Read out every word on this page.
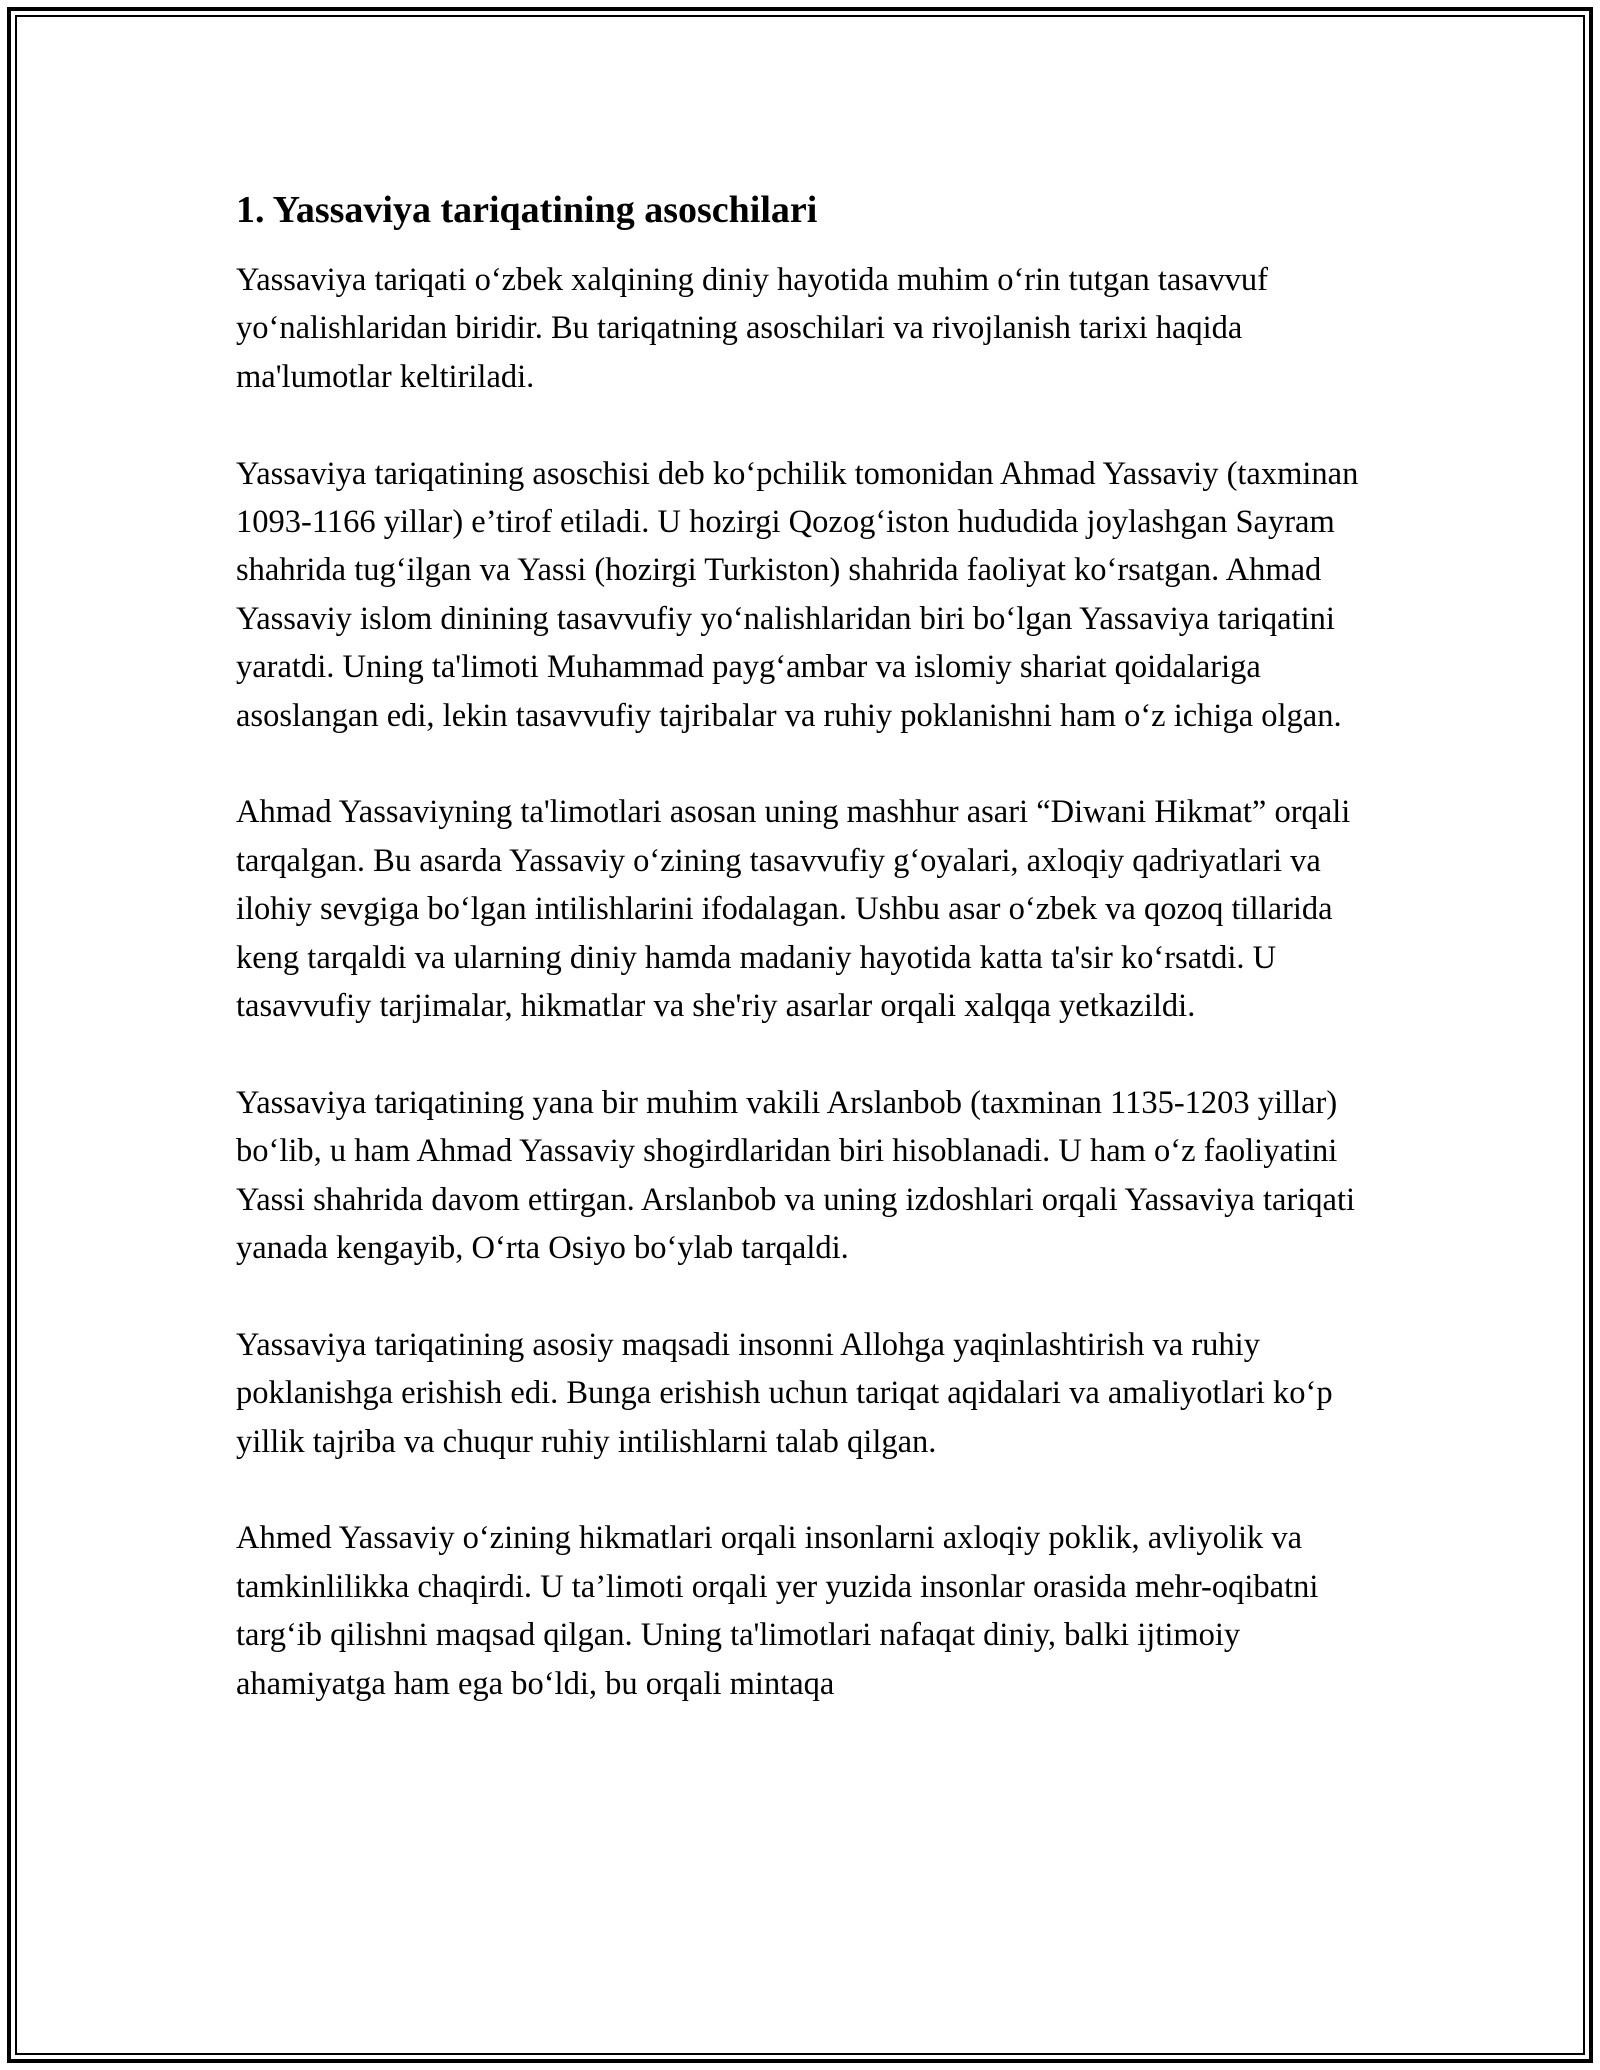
1. Yassaviya tariqatining asoschilari

Yassaviya tariqati o‘zbek xalqining diniy hayotida muhim o‘rin tutgan tasavvuf yo‘nalishlaridan biridir. Bu tariqatning asoschilari va rivojlanish tarixi haqida ma'lumotlar keltiriladi.

Yassaviya tariqatining asoschisi deb ko‘pchilik tomonidan Ahmad Yassaviy (taxminan 1093-1166 yillar) e’tirof etiladi. U hozirgi Qozog‘iston hududida joylashgan Sayram shahrida tug‘ilgan va Yassi (hozirgi Turkiston) shahrida faoliyat ko‘rsatgan. Ahmad Yassaviy islom dinining tasavvufiy yo‘nalishlaridan biri bo‘lgan Yassaviya tariqatini yaratdi. Uning ta'limoti Muhammad payg‘ambar va islomiy shariat qoidalariga asoslangan edi, lekin tasavvufiy tajribalar va ruhiy poklanishni ham o‘z ichiga olgan.

Ahmad Yassaviyning ta'limotlari asosan uning mashhur asari “Diwani Hikmat” orqali tarqalgan. Bu asarda Yassaviy o‘zining tasavvufiy g‘oyalari, axloqiy qadriyatlari va ilohiy sevgiga bo‘lgan intilishlarini ifodalagan. Ushbu asar o‘zbek va qozoq tillarida keng tarqaldi va ularning diniy hamda madaniy hayotida katta ta'sir ko‘rsatdi. U tasavvufiy tarjimalar, hikmatlar va she'riy asarlar orqali xalqqa yetkazildi.

Yassaviya tariqatining yana bir muhim vakili Arslanbob (taxminan 1135-1203 yillar) bo‘lib, u ham Ahmad Yassaviy shogirdlaridan biri hisoblanadi. U ham o‘z faoliyatini Yassi shahrida davom ettirgan. Arslanbob va uning izdoshlari orqali Yassaviya tariqati yanada kengayib, O‘rta Osiyo bo‘ylab tarqaldi.

Yassaviya tariqatining asosiy maqsadi insonni Allohga yaqinlashtirish va ruhiy poklanishga erishish edi. Bunga erishish uchun tariqat aqidalari va amaliyotlari ko‘p yillik tajriba va chuqur ruhiy intilishlarni talab qilgan.

Ahmed Yassaviy o‘zining hikmatlari orqali insonlarni axloqiy poklik, avliyolik va tamkinlilikka chaqirdi. U ta’limoti orqali yer yuzida insonlar orasida mehr-oqibatni targ‘ib qilishni maqsad qilgan. Uning ta'limotlari nafaqat diniy, balki ijtimoiy ahamiyatga ham ega bo‘ldi, bu orqali mintaqa
